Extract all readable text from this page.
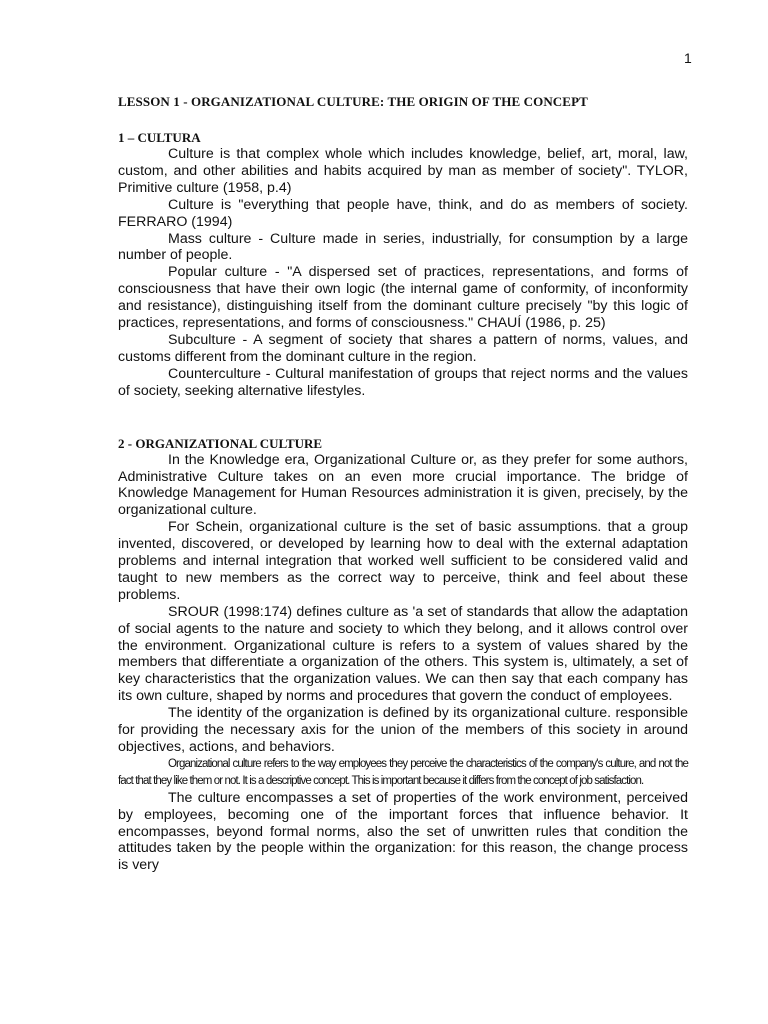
1

LESSON 1 - ORGANIZATIONAL CULTURE: THE ORIGIN OF THE CONCEPT

1 – CULTURA

Culture is that complex whole which includes knowledge, belief, art, moral, law, custom, and other abilities and habits acquired by man as member of society". TYLOR, Primitive culture (1958, p.4)

Culture is "everything that people have, think, and do as members of society. FERRARO (1994)

Mass culture - Culture made in series, industrially, for consumption by a large number of people.

Popular culture - "A dispersed set of practices, representations, and forms of consciousness that have their own logic (the internal game of conformity, of inconformity and resistance), distinguishing itself from the dominant culture precisely "by this logic of practices, representations, and forms of consciousness." CHAUÍ (1986, p. 25)

Subculture - A segment of society that shares a pattern of norms, values, and customs different from the dominant culture in the region.

Counterculture - Cultural manifestation of groups that reject norms and the values of society, seeking alternative lifestyles.

2 - ORGANIZATIONAL CULTURE

In the Knowledge era, Organizational Culture or, as they prefer for some authors, Administrative Culture takes on an even more crucial importance. The bridge of Knowledge Management for Human Resources administration it is given, precisely, by the organizational culture.

For Schein, organizational culture is the set of basic assumptions. that a group invented, discovered, or developed by learning how to deal with the external adaptation problems and internal integration that worked well sufficient to be considered valid and taught to new members as the correct way to perceive, think and feel about these problems.

SROUR (1998:174) defines culture as 'a set of standards that allow the adaptation of social agents to the nature and society to which they belong, and it allows control over the environment. Organizational culture is refers to a system of values shared by the members that differentiate a organization of the others. This system is, ultimately, a set of key characteristics that the organization values. We can then say that each company has its own culture, shaped by norms and procedures that govern the conduct of employees.

The identity of the organization is defined by its organizational culture. responsible for providing the necessary axis for the union of the members of this society in around objectives, actions, and behaviors.

Organizational culture refers to the way employees they perceive the characteristics of the company's culture, and not the fact that they like them or not. It is a descriptive concept. This is important because it differs from the concept of job satisfaction.

The culture encompasses a set of properties of the work environment, perceived by employees, becoming one of the important forces that influence behavior. It encompasses, beyond formal norms, also the set of unwritten rules that condition the attitudes taken by the people within the organization: for this reason, the change process is very
